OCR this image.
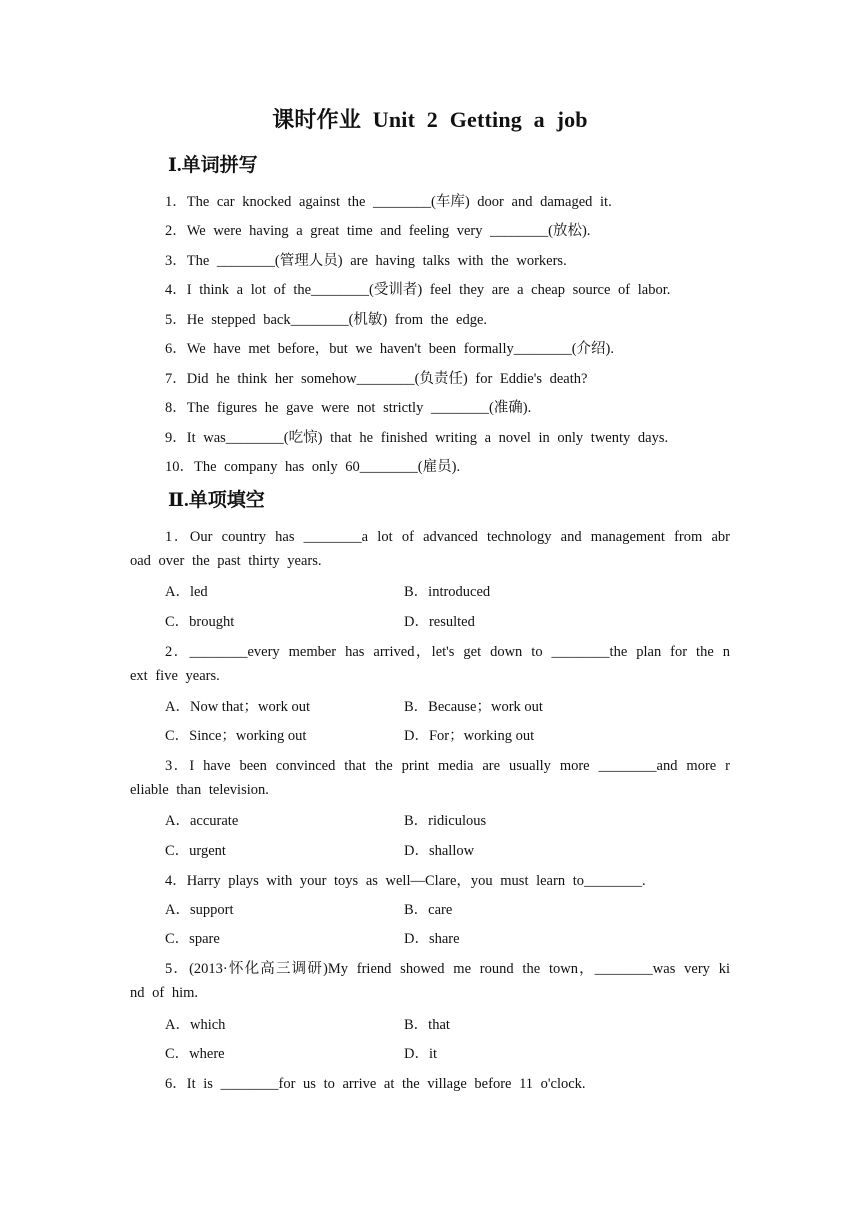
课时作业 Unit 2 Getting a job
Ⅰ.单词拼写
1．The car knocked against the ________(车库) door and damaged it.
2．We were having a great time and feeling very ________(放松).
3．The ________(管理人员) are having talks with the workers.
4．I think a lot of the________(受训者) feel they are a cheap source of labor.
5．He stepped back________(机敏) from the edge.
6．We have met before，but we haven't been formally________(介绍).
7．Did he think her somehow________(负责任) for Eddie's death?
8．The figures he gave were not strictly ________(准确).
9．It was________(吃惊) that he finished writing a novel in only twenty days.
10．The company has only 60________(雇员).
Ⅱ.单项填空
1．Our country has ________a lot of advanced technology and management from abr
oad over the past thirty years.
A．led	B．introduced
C．brought	D．resulted
2．________every member has arrived，let's get down to ________the plan for the n
ext five years.
A．Now that；work out	B．Because；work out
C．Since；working out	D．For；working out
3．I have been convinced that the print media are usually more ________and more r
eliable than television.
A．accurate	B．ridiculous
C．urgent	D．shallow
4．Harry plays with your toys as well—Clare，you must learn to________.
A．support	B．care
C．spare	D．share
5．(2013·怀化高三调研)My friend showed me round the town，________was very ki
nd of him.
A．which	B．that
C．where	D．it
6．It is ________for us to arrive at the village before 11 o'clock.
